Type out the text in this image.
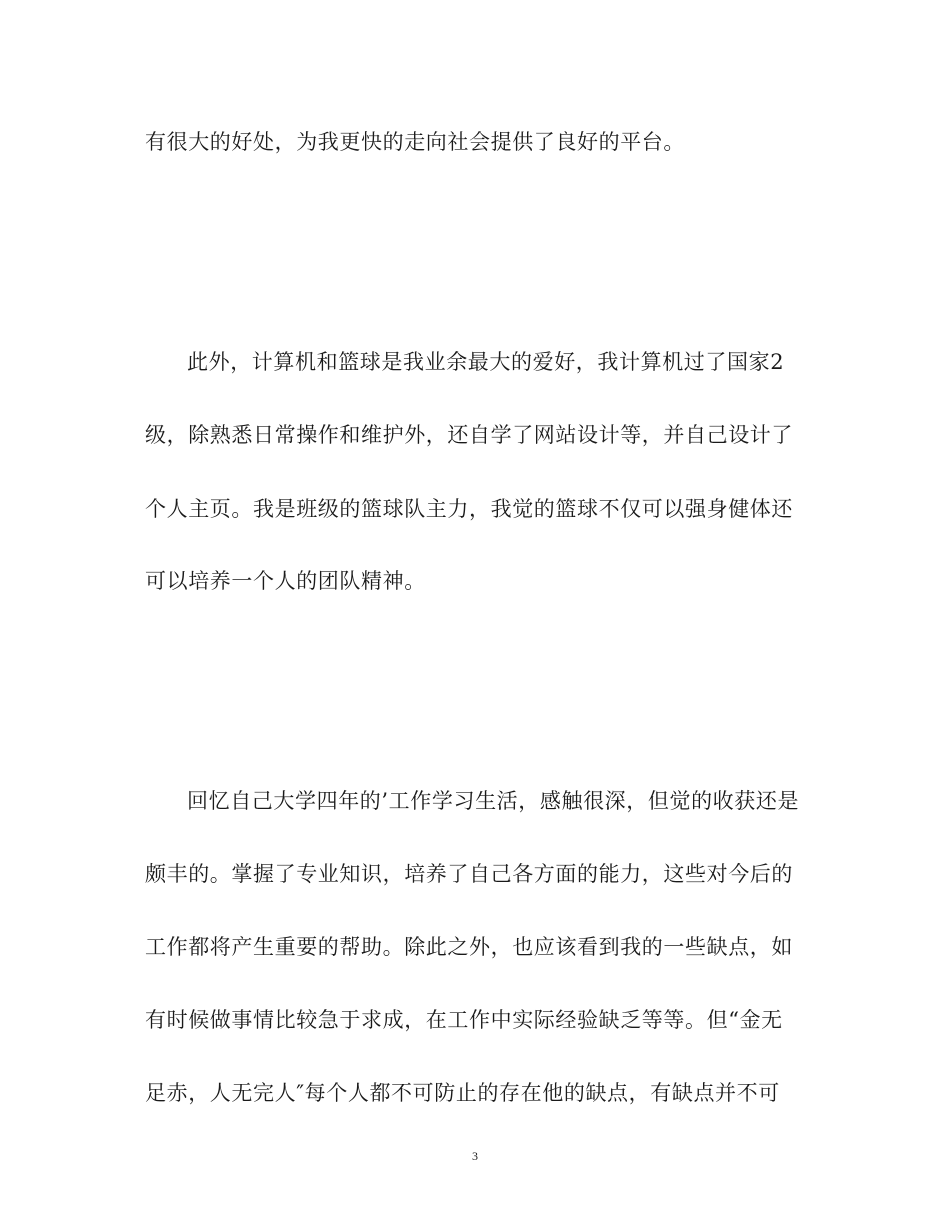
有很大的好处，为我更快的走向社会提供了良好的平台。
此外，计算机和篮球是我业余最大的爱好，我计算机过了国家2
级，除熟悉日常操作和维护外，还自学了网站设计等，并自己设计了
个人主页。我是班级的篮球队主力，我觉的篮球不仅可以强身健体还
可以培养一个人的团队精神。
回忆自己大学四年的’工作学习生活，感触很深，但觉的收获还是
颇丰的。掌握了专业知识，培养了自己各方面的能力，这些对今后的
工作都将产生重要的帮助。除此之外，也应该看到我的一些缺点，如
有时候做事情比较急于求成，在工作中实际经验缺乏等等。但“金无
足赤，人无完人″每个人都不可防止的存在他的缺点，有缺点并不可
3
